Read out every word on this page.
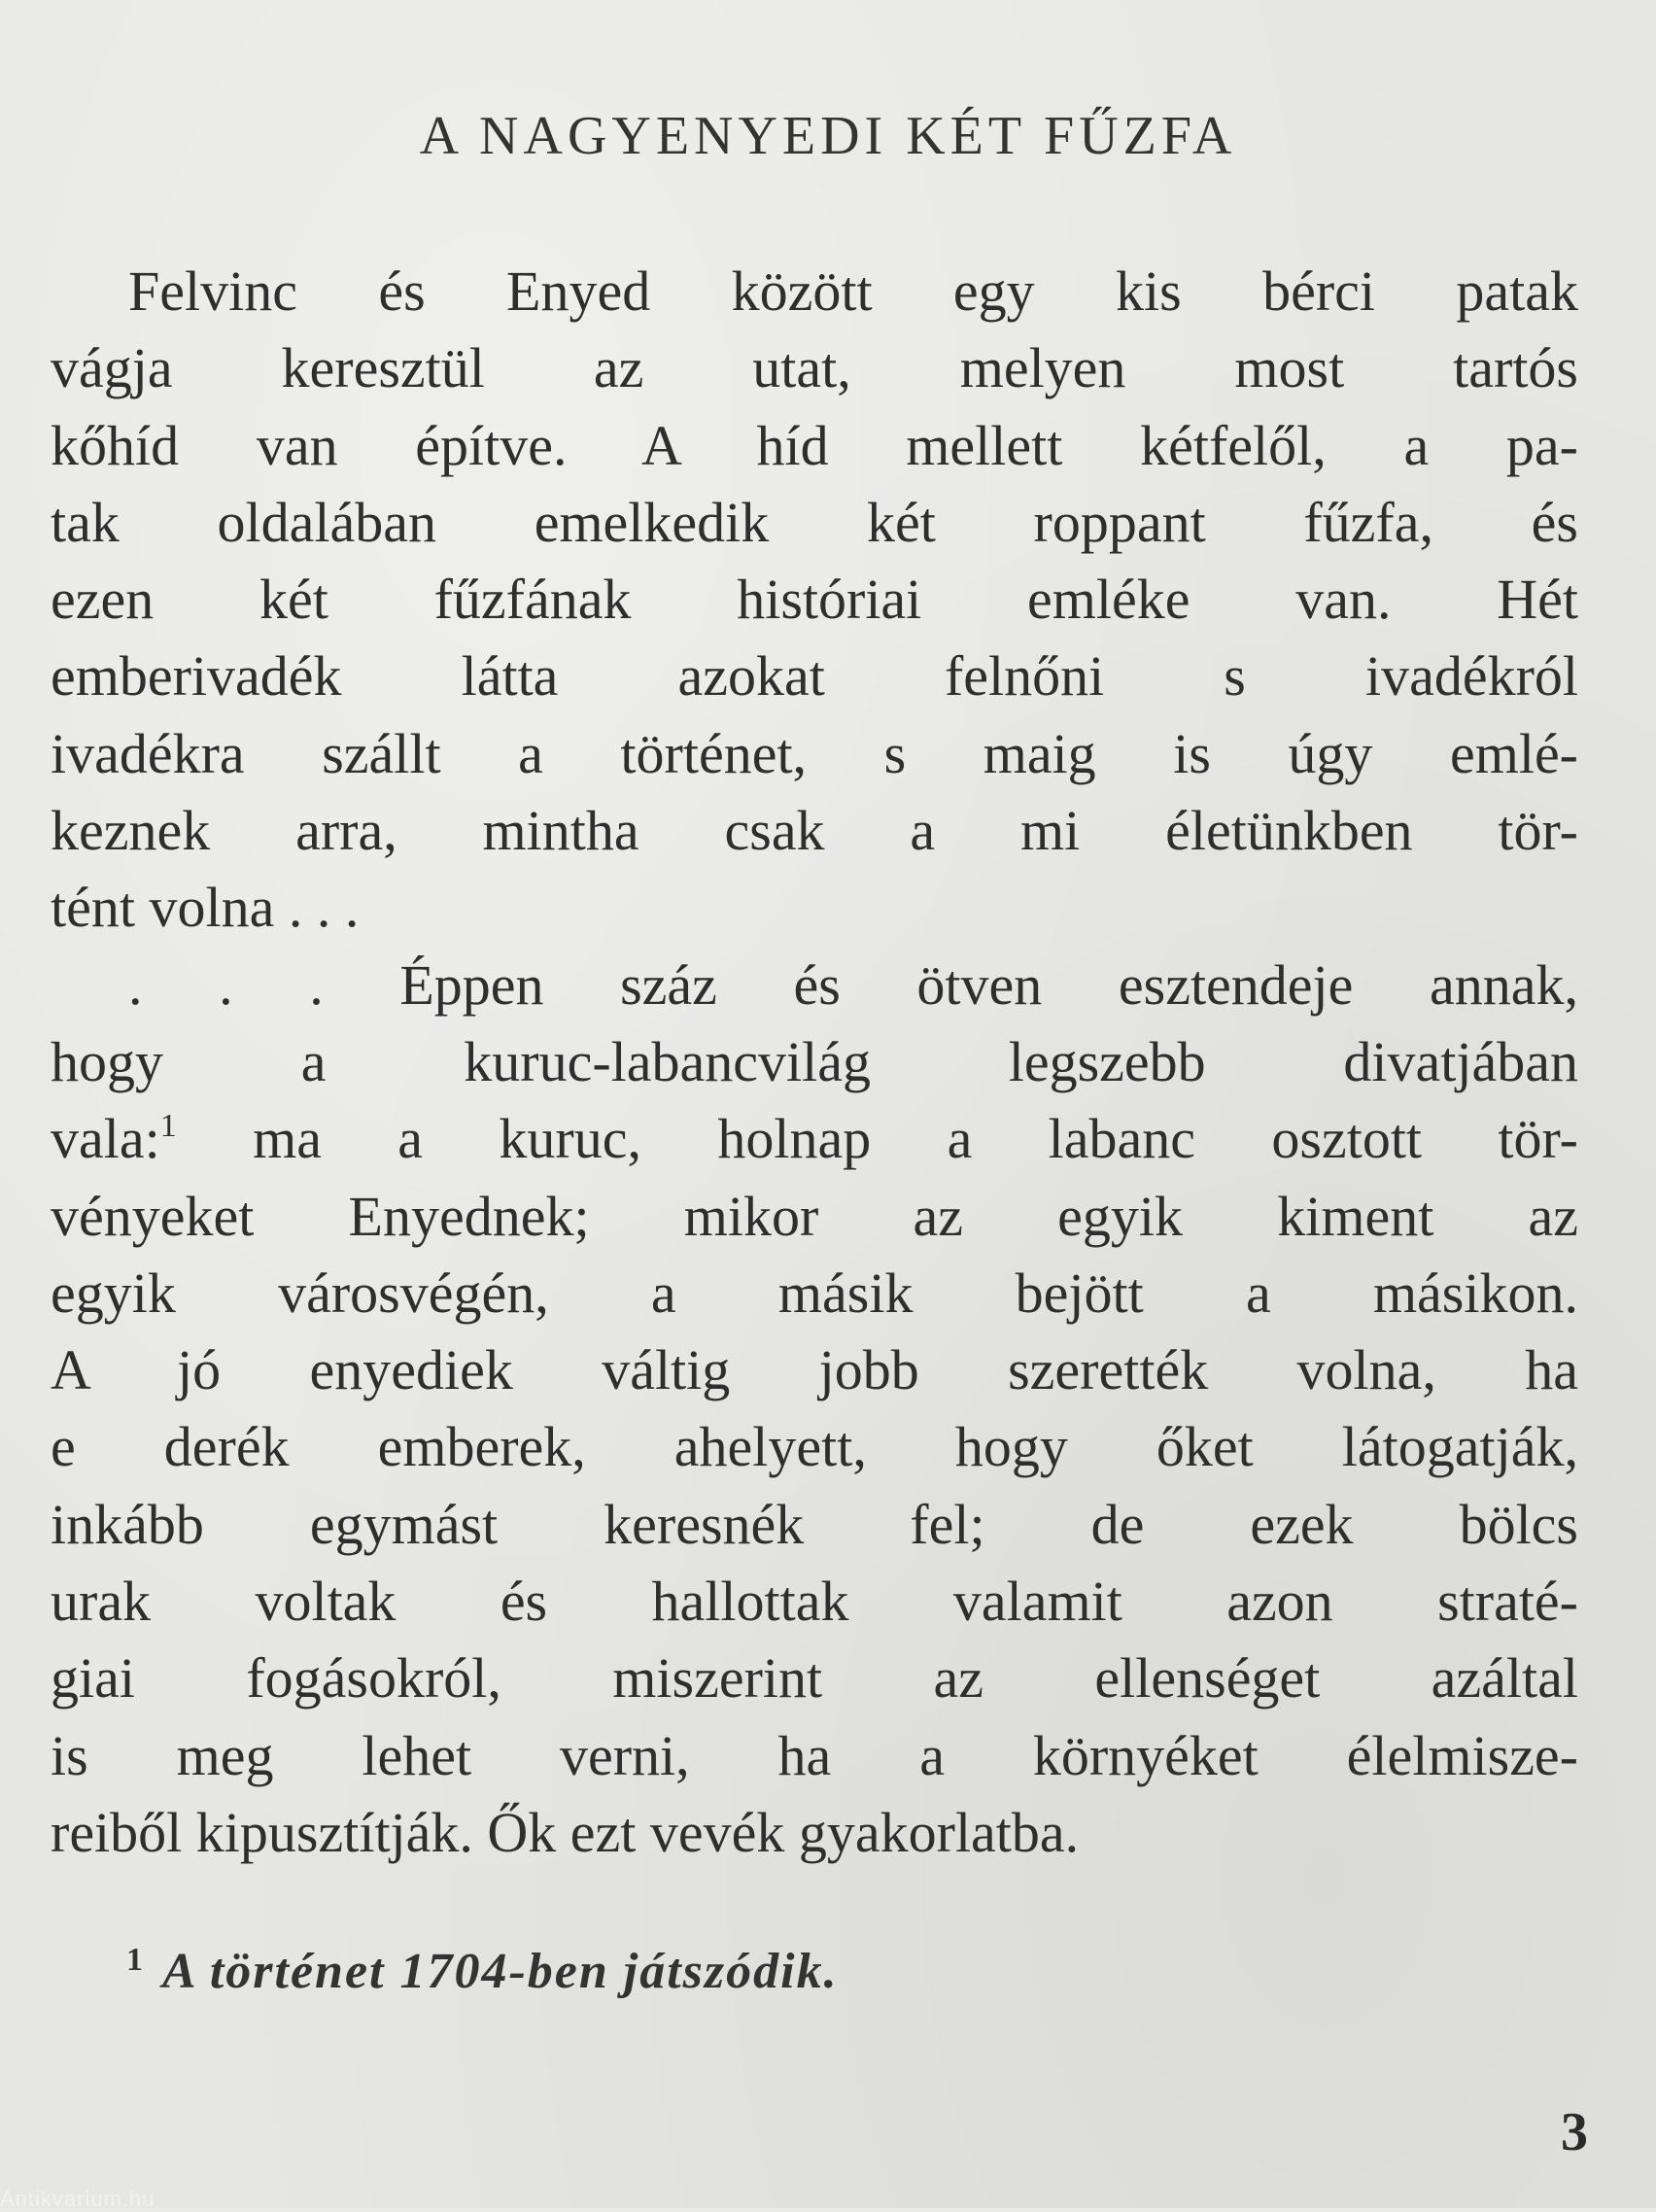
A NAGYENYEDI KÉT FŰZFA
Felvinc és Enyed között egy kis bérci patak
vágja keresztül az utat, melyen most tartós
kőhíd van építve. A híd mellett kétfelől, a pa-
tak oldalában emelkedik két roppant fűzfa, és
ezen két fűzfának históriai emléke van. Hét
emberivadék látta azokat felnőni s ivadékról
ivadékra szállt a történet, s maig is úgy emlé-
keznek arra, mintha csak a mi életünkben tör-
tént volna . . .
. . . Éppen száz és ötven esztendeje annak,
hogy a kuruc-labancvilág legszebb divatjában
vala:$^1$ ma a kuruc, holnap a labanc osztott tör-
vényeket Enyednek; mikor az egyik kiment az
egyik városvégén, a másik bejött a másikon.
A jó enyediek váltig jobb szerették volna, ha
e derék emberek, ahelyett, hogy őket látogatják,
inkább egymást keresnék fel; de ezek bölcs
urak voltak és hallottak valamit azon straté-
giai fogásokról, miszerint az ellenséget azáltal
is meg lehet verni, ha a környéket élelmisze-
reiből kipusztítják. Ők ezt vevék gyakorlatba.
$^1$ A történet 1704-ben játszódik.
3
Antikvarium.hu
